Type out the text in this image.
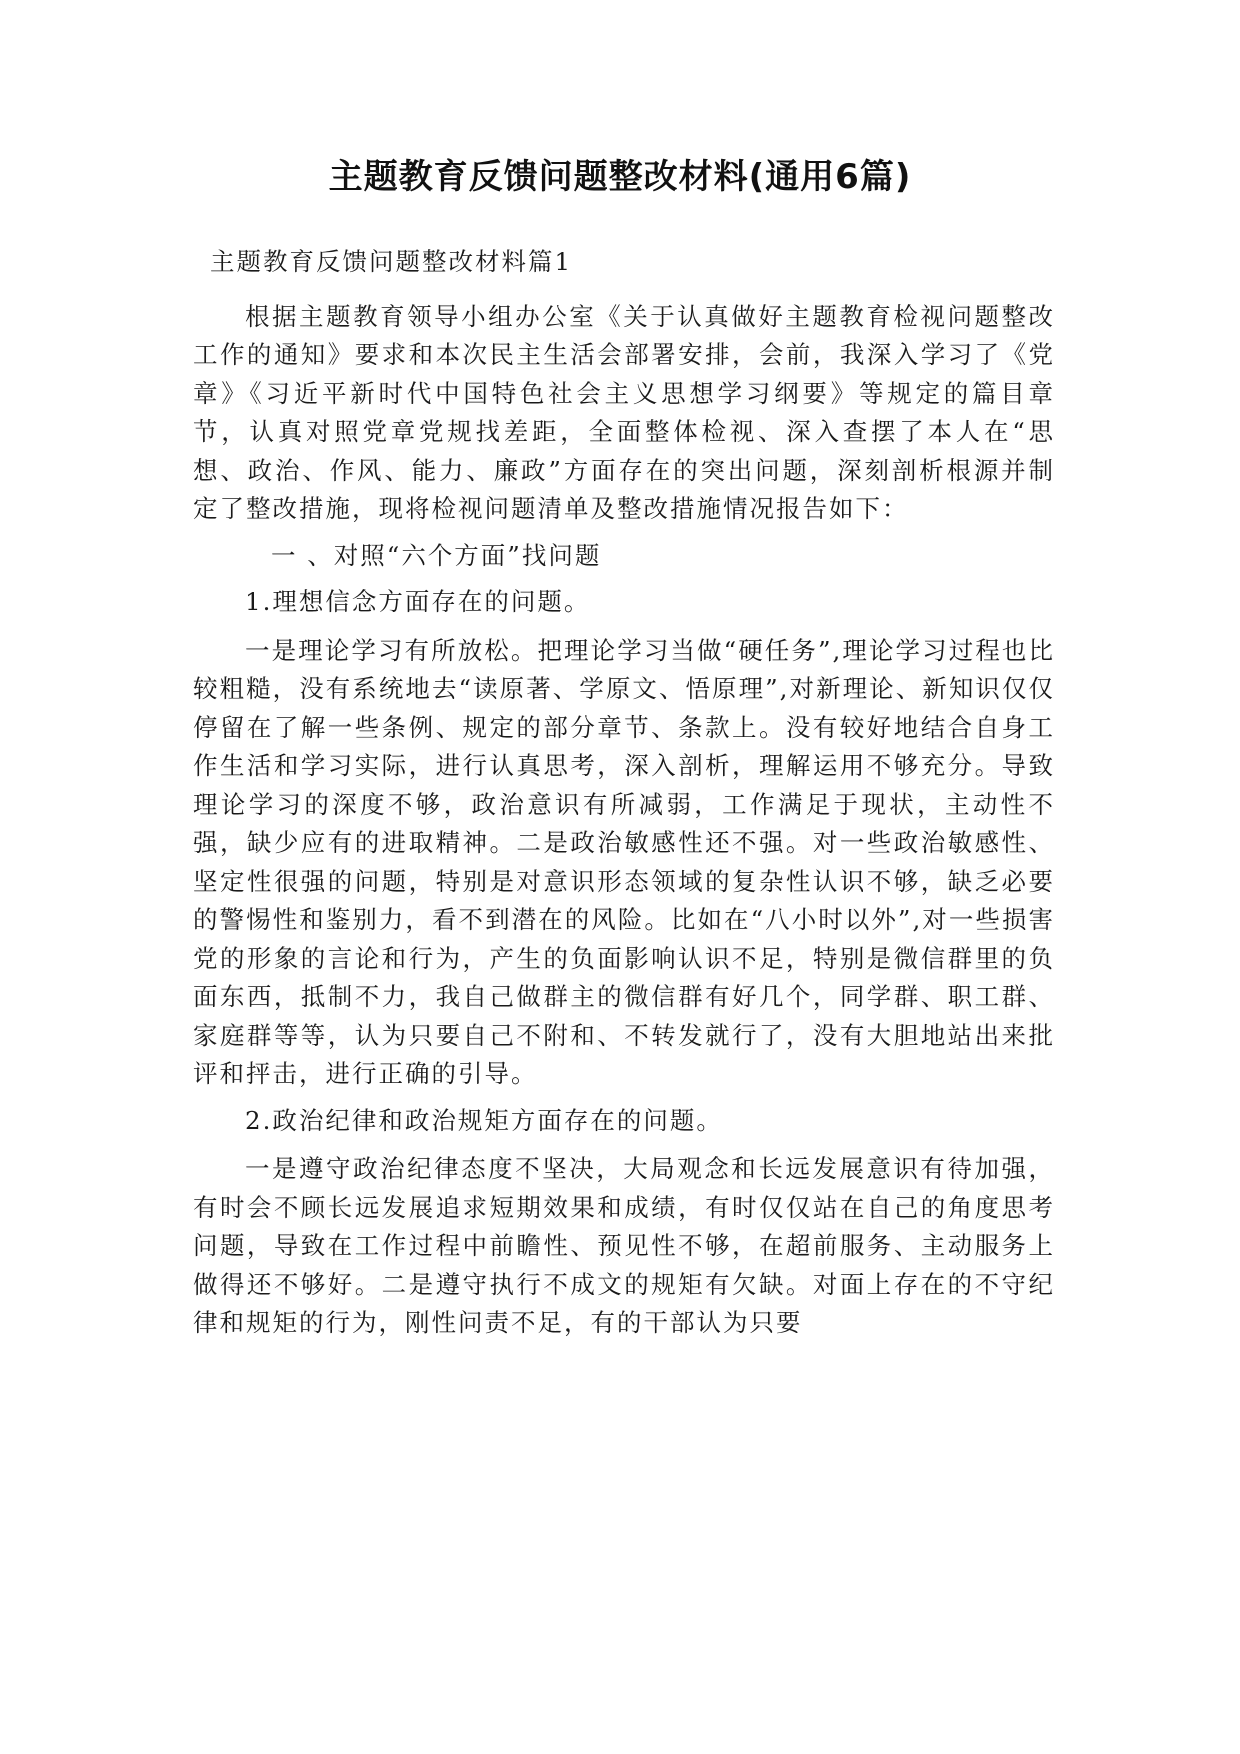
主题教育反馈问题整改材料(通用6篇)

主题教育反馈问题整改材料篇1

根据主题教育领导小组办公室《关于认真做好主题教育检视问题整改工作的通知》要求和本次民主生活会部署安排，会前，我深入学习了《党章》《习近平新时代中国特色社会主义思想学习纲要》等规定的篇目章节，认真对照党章党规找差距，全面整体检视、深入查摆了本人在“思想、政治、作风、能力、廉政”方面存在的突出问题，深刻剖析根源并制定了整改措施，现将检视问题清单及整改措施情况报告如下：

一 、对照“六个方面”找问题

1.理想信念方面存在的问题。

一是理论学习有所放松。把理论学习当做“硬任务”,理论学习过程也比较粗糙，没有系统地去“读原著、学原文、悟原理”,对新理论、新知识仅仅停留在了解一些条例、规定的部分章节、条款上。没有较好地结合自身工作生活和学习实际，进行认真思考，深入剖析，理解运用不够充分。导致理论学习的深度不够，政治意识有所减弱，工作满足于现状，主动性不强，缺少应有的进取精神。二是政治敏感性还不强。对一些政治敏感性、坚定性很强的问题，特别是对意识形态领域的复杂性认识不够，缺乏必要的警惕性和鉴别力，看不到潜在的风险。比如在“八小时以外”,对一些损害党的形象的言论和行为，产生的负面影响认识不足，特别是微信群里的负面东西，抵制不力，我自己做群主的微信群有好几个，同学群、职工群、家庭群等等，认为只要自己不附和、不转发就行了，没有大胆地站出来批评和抨击，进行正确的引导。

2.政治纪律和政治规矩方面存在的问题。

一是遵守政治纪律态度不坚决，大局观念和长远发展意识有待加强，有时会不顾长远发展追求短期效果和成绩，有时仅仅站在自己的角度思考问题，导致在工作过程中前瞻性、预见性不够，在超前服务、主动服务上做得还不够好。二是遵守执行不成文的规矩有欠缺。对面上存在的不守纪律和规矩的行为，刚性问责不足，有的干部认为只要
